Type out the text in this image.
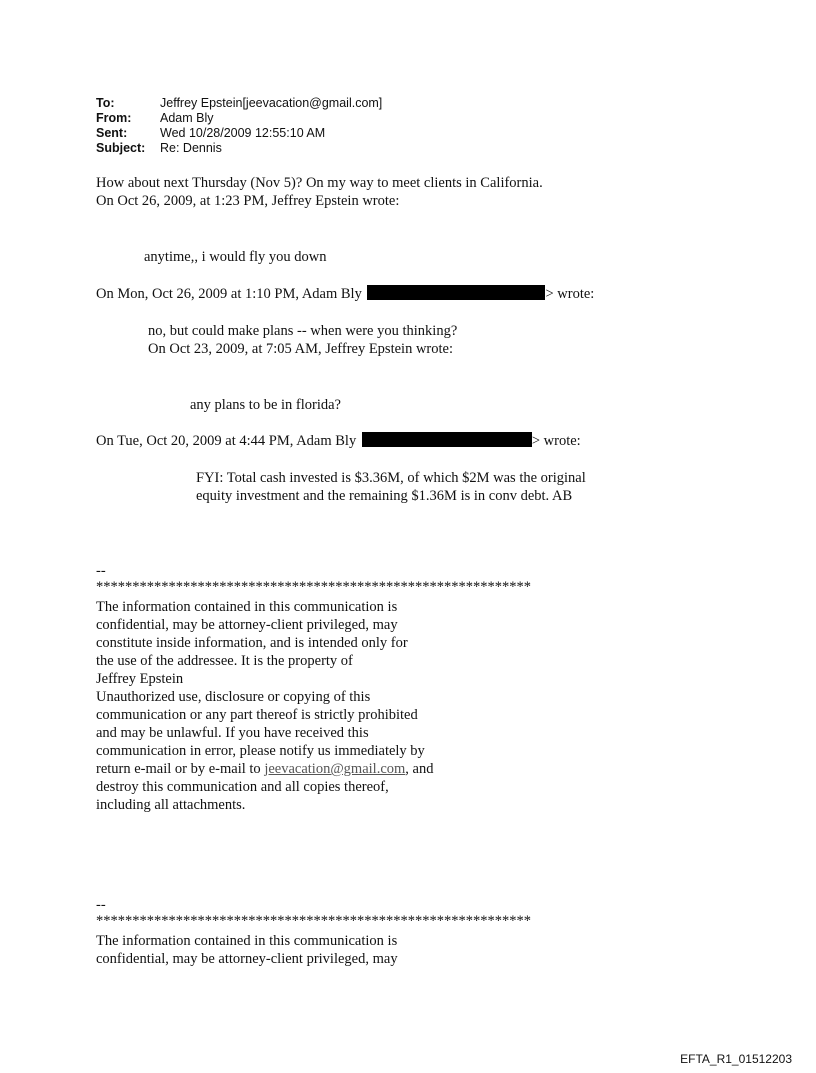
To:	Jeffrey Epstein[jeevacation@gmail.com]
From:	Adam Bly
Sent:	Wed 10/28/2009 12:55:10 AM
Subject:	Re: Dennis
How about next Thursday (Nov 5)? On my way to meet clients in California.
On Oct 26, 2009, at 1:23 PM, Jeffrey Epstein wrote:
anytime,, i would fly you down
On Mon, Oct 26, 2009 at 1:10 PM, Adam Bly	> wrote:
no, but could make plans -- when were you thinking?
On Oct 23, 2009, at 7:05 AM, Jeffrey Epstein wrote:
any plans to be in florida?
On Tue, Oct 20, 2009 at 4:44 PM, Adam Bly	> wrote:
FYI: Total cash invested is $3.36M, of which $2M was the original
equity investment and the remaining $1.36M is in conv debt. AB
--
************************************************************
The information contained in this communication is
confidential, may be attorney-client privileged, may
constitute inside information, and is intended only for
the use of the addressee. It is the property of
Jeffrey Epstein
Unauthorized use, disclosure or copying of this
communication or any part thereof is strictly prohibited
and may be unlawful. If you have received this
communication in error, please notify us immediately by
return e-mail or by e-mail to jeevacation@gmail.com, and
destroy this communication and all copies thereof,
including all attachments.
--
************************************************************
The information contained in this communication is
confidential, may be attorney-client privileged, may
EFTA_R1_01512203
